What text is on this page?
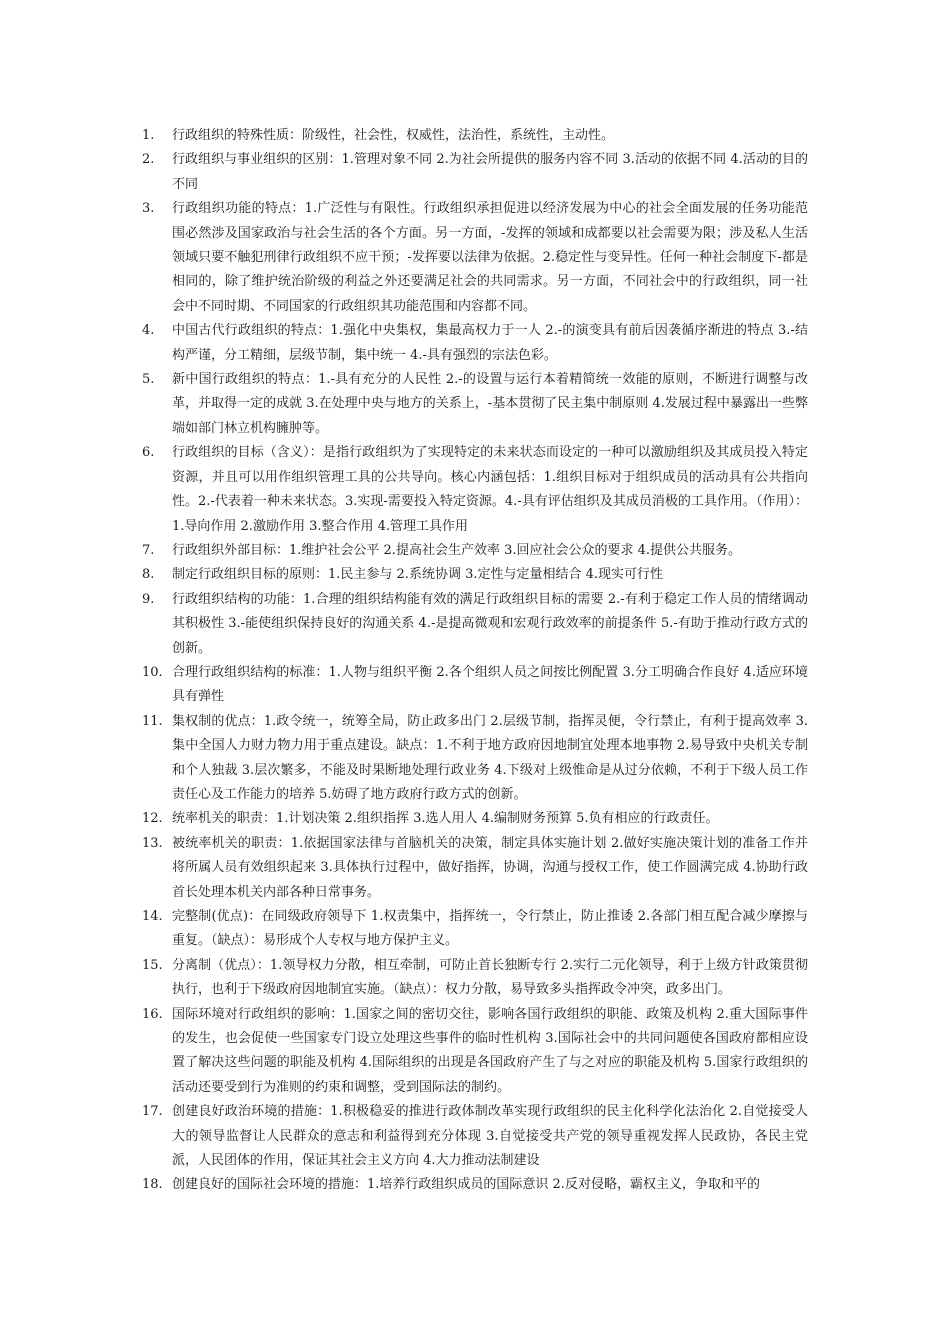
1.	行政组织的特殊性质：阶级性，社会性，权威性，法治性，系统性，主动性。
2.	行政组织与事业组织的区别：1.管理对象不同 2.为社会所提供的服务内容不同 3.活动的依据不同 4.活动的目的不同
3.	行政组织功能的特点：1.广泛性与有限性。行政组织承担促进以经济发展为中心的社会全面发展的任务功能范围必然涉及国家政治与社会生活的各个方面。另一方面，-发挥的领域和成都要以社会需要为限；涉及私人生活领域只要不触犯刑律行政组织不应干预；-发挥要以法律为依据。2.稳定性与变异性。任何一种社会制度下-都是相同的，除了维护统治阶级的利益之外还要满足社会的共同需求。另一方面，不同社会中的行政组织，同一社会中不同时期、不同国家的行政组织其功能范围和内容都不同。
4.	中国古代行政组织的特点：1.强化中央集权，集最高权力于一人 2.-的演变具有前后因袭循序渐进的特点 3.-结构严谨，分工精细，层级节制，集中统一 4.-具有强烈的宗法色彩。
5.	新中国行政组织的特点：1.-具有充分的人民性 2.-的设置与运行本着精简统一效能的原则，不断进行调整与改革，并取得一定的成就 3.在处理中央与地方的关系上，-基本贯彻了民主集中制原则 4.发展过程中暴露出一些弊端如部门林立机构臃肿等。
6.	行政组织的目标（含义）：是指行政组织为了实现特定的未来状态而设定的一种可以激励组织及其成员投入特定资源，并且可以用作组织管理工具的公共导向。核心内涵包括：1.组织目标对于组织成员的活动具有公共指向性。2.-代表着一种未来状态。3.实现-需要投入特定资源。4.-具有评估组织及其成员消极的工具作用。（作用）：1.导向作用 2.激励作用 3.整合作用 4.管理工具作用
7.	行政组织外部目标：1.维护社会公平 2.提高社会生产效率 3.回应社会公众的要求 4.提供公共服务。
8.	制定行政组织目标的原则：1.民主参与 2.系统协调 3.定性与定量相结合 4.现实可行性
9.	行政组织结构的功能：1.合理的组织结构能有效的满足行政组织目标的需要 2.-有利于稳定工作人员的情绪调动其积极性 3.-能使组织保持良好的沟通关系 4.-是提高微观和宏观行政效率的前提条件 5.-有助于推动行政方式的创新。
10. 合理行政组织结构的标准：1.人物与组织平衡 2.各个组织人员之间按比例配置 3.分工明确合作良好 4.适应环境具有弹性
11. 集权制的优点：1.政令统一，统筹全局，防止政多出门 2.层级节制，指挥灵便，令行禁止，有利于提高效率 3.集中全国人力财力物力用于重点建设。缺点：1.不利于地方政府因地制宜处理本地事物 2.易导致中央机关专制和个人独裁 3.层次繁多，不能及时果断地处理行政业务 4.下级对上级惟命是从过分依赖，不利于下级人员工作责任心及工作能力的培养 5.妨碍了地方政府行政方式的创新。
12. 统率机关的职责：1.计划决策 2.组织指挥 3.选人用人 4.编制财务预算 5.负有相应的行政责任。
13. 被统率机关的职责：1.依据国家法律与首脑机关的决策，制定具体实施计划 2.做好实施决策计划的准备工作并将所属人员有效组织起来 3.具体执行过程中，做好指挥，协调，沟通与授权工作，使工作圆满完成 4.协助行政首长处理本机关内部各种日常事务。
14. 完整制(优点)：在同级政府领导下 1.权责集中，指挥统一，令行禁止，防止推诿 2.各部门相互配合减少摩擦与重复。（缺点）：易形成个人专权与地方保护主义。
15. 分离制（优点）：1.领导权力分散，相互牵制，可防止首长独断专行 2.实行二元化领导，利于上级方针政策贯彻执行，也利于下级政府因地制宜实施。（缺点）：权力分散，易导致多头指挥政令冲突，政多出门。
16. 国际环境对行政组织的影响：1.国家之间的密切交往，影响各国行政组织的职能、政策及机构 2.重大国际事件的发生，也会促使一些国家专门设立处理这些事件的临时性机构 3.国际社会中的共同问题使各国政府都相应设置了解决这些问题的职能及机构 4.国际组织的出现是各国政府产生了与之对应的职能及机构 5.国家行政组织的活动还要受到行为准则的约束和调整，受到国际法的制约。
17. 创建良好政治环境的措施：1.积极稳妥的推进行政体制改革实现行政组织的民主化科学化法治化 2.自觉接受人大的领导监督让人民群众的意志和利益得到充分体现 3.自觉接受共产党的领导重视发挥人民政协，各民主党派，人民团体的作用，保证其社会主义方向 4.大力推动法制建设
18. 创建良好的国际社会环境的措施：1.培养行政组织成员的国际意识 2.反对侵略，霸权主义，争取和平的
